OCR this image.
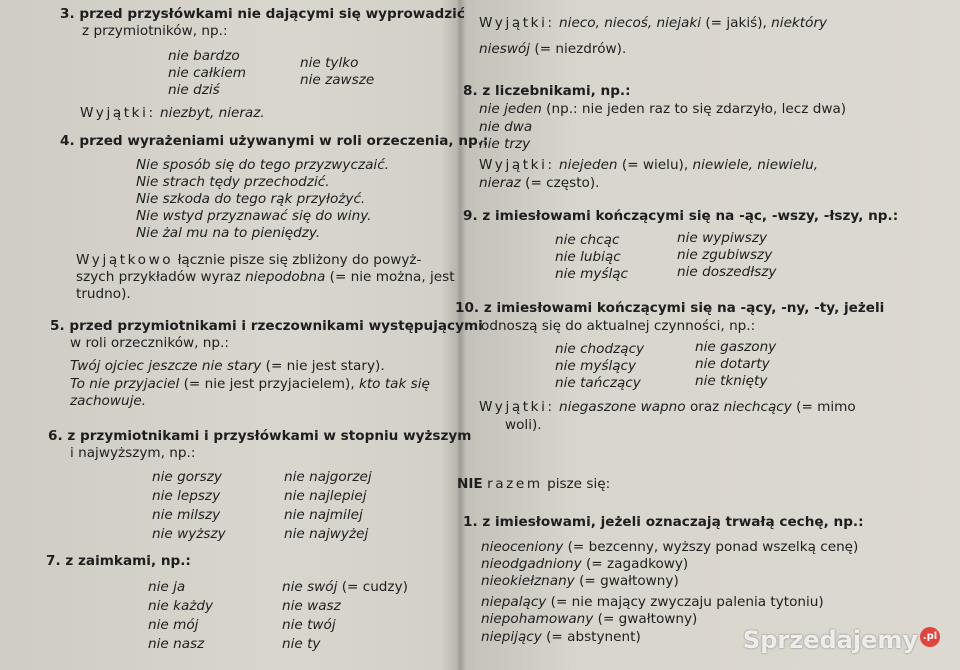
3. przed przysłówkami nie dającymi się wyprowadzić
z przymiotników, np.:
nie bardzo
nie całkiem
nie dziś
nie tylko
nie zawsze
Wyjątki: niezbyt, nieraz.
4. przed wyrażeniami używanymi w roli orzeczenia, np.:
Nie sposób się do tego przyzwyczaić.
Nie strach tędy przechodzić.
Nie szkoda do tego rąk przyłożyć.
Nie wstyd przyznawać się do winy.
Nie żal mu na to pieniędzy.
Wyjątkowo łącznie pisze się zbliżony do powyż-
szych przykładów wyraz niepodobna (= nie można, jest
trudno).
5. przed przymiotnikami i rzeczownikami występującymi
w roli orzeczników, np.:
Twój ojciec jeszcze nie stary (= nie jest stary).
To nie przyjaciel (= nie jest przyjacielem), kto tak się
zachowuje.
6. z przymiotnikami i przysłówkami w stopniu wyższym
i najwyższym, np.:
nie gorszy
nie lepszy
nie milszy
nie wyższy
nie najgorzej
nie najlepiej
nie najmilej
nie najwyżej
7. z zaimkami, np.:
nie ja
nie każdy
nie mój
nie nasz
nie swój (= cudzy)
nie wasz
nie twój
nie ty
Wyjątki: nieco, niecoś, niejaki (= jakiś), niektóry
nieswój (= niezdrów).
8. z liczebnikami, np.:
nie jeden (np.: nie jeden raz to się zdarzyło, lecz dwa)
nie dwa
nie trzy
Wyjątki: niejeden (= wielu), niewiele, niewielu,
nieraz (= często).
9. z imiesłowami kończącymi się na -ąc, -wszy, -łszy, np.:
nie chcąc
nie lubiąc
nie myśląc
nie wypiwszy
nie zgubiwszy
nie doszedłszy
10. z imiesłowami kończącymi się na -ący, -ny, -ty, jeżeli
odnoszą się do aktualnej czynności, np.:
nie chodzący
nie myślący
nie tańczący
nie gaszony
nie dotarty
nie tknięty
Wyjątki: niegaszone wapno oraz niechcący (= mimo
woli).
NIE razem pisze się:
1. z imiesłowami, jeżeli oznaczają trwałą cechę, np.:
nieoceniony (= bezcenny, wyższy ponad wszelką cenę)
nieodgadniony (= zagadkowy)
nieokiełznany (= gwałtowny)
niepalący (= nie mający zwyczaju palenia tytoniu)
niepohamowany (= gwałtowny)
niepijący (= abstynent)	Sprzedajemy .pl
